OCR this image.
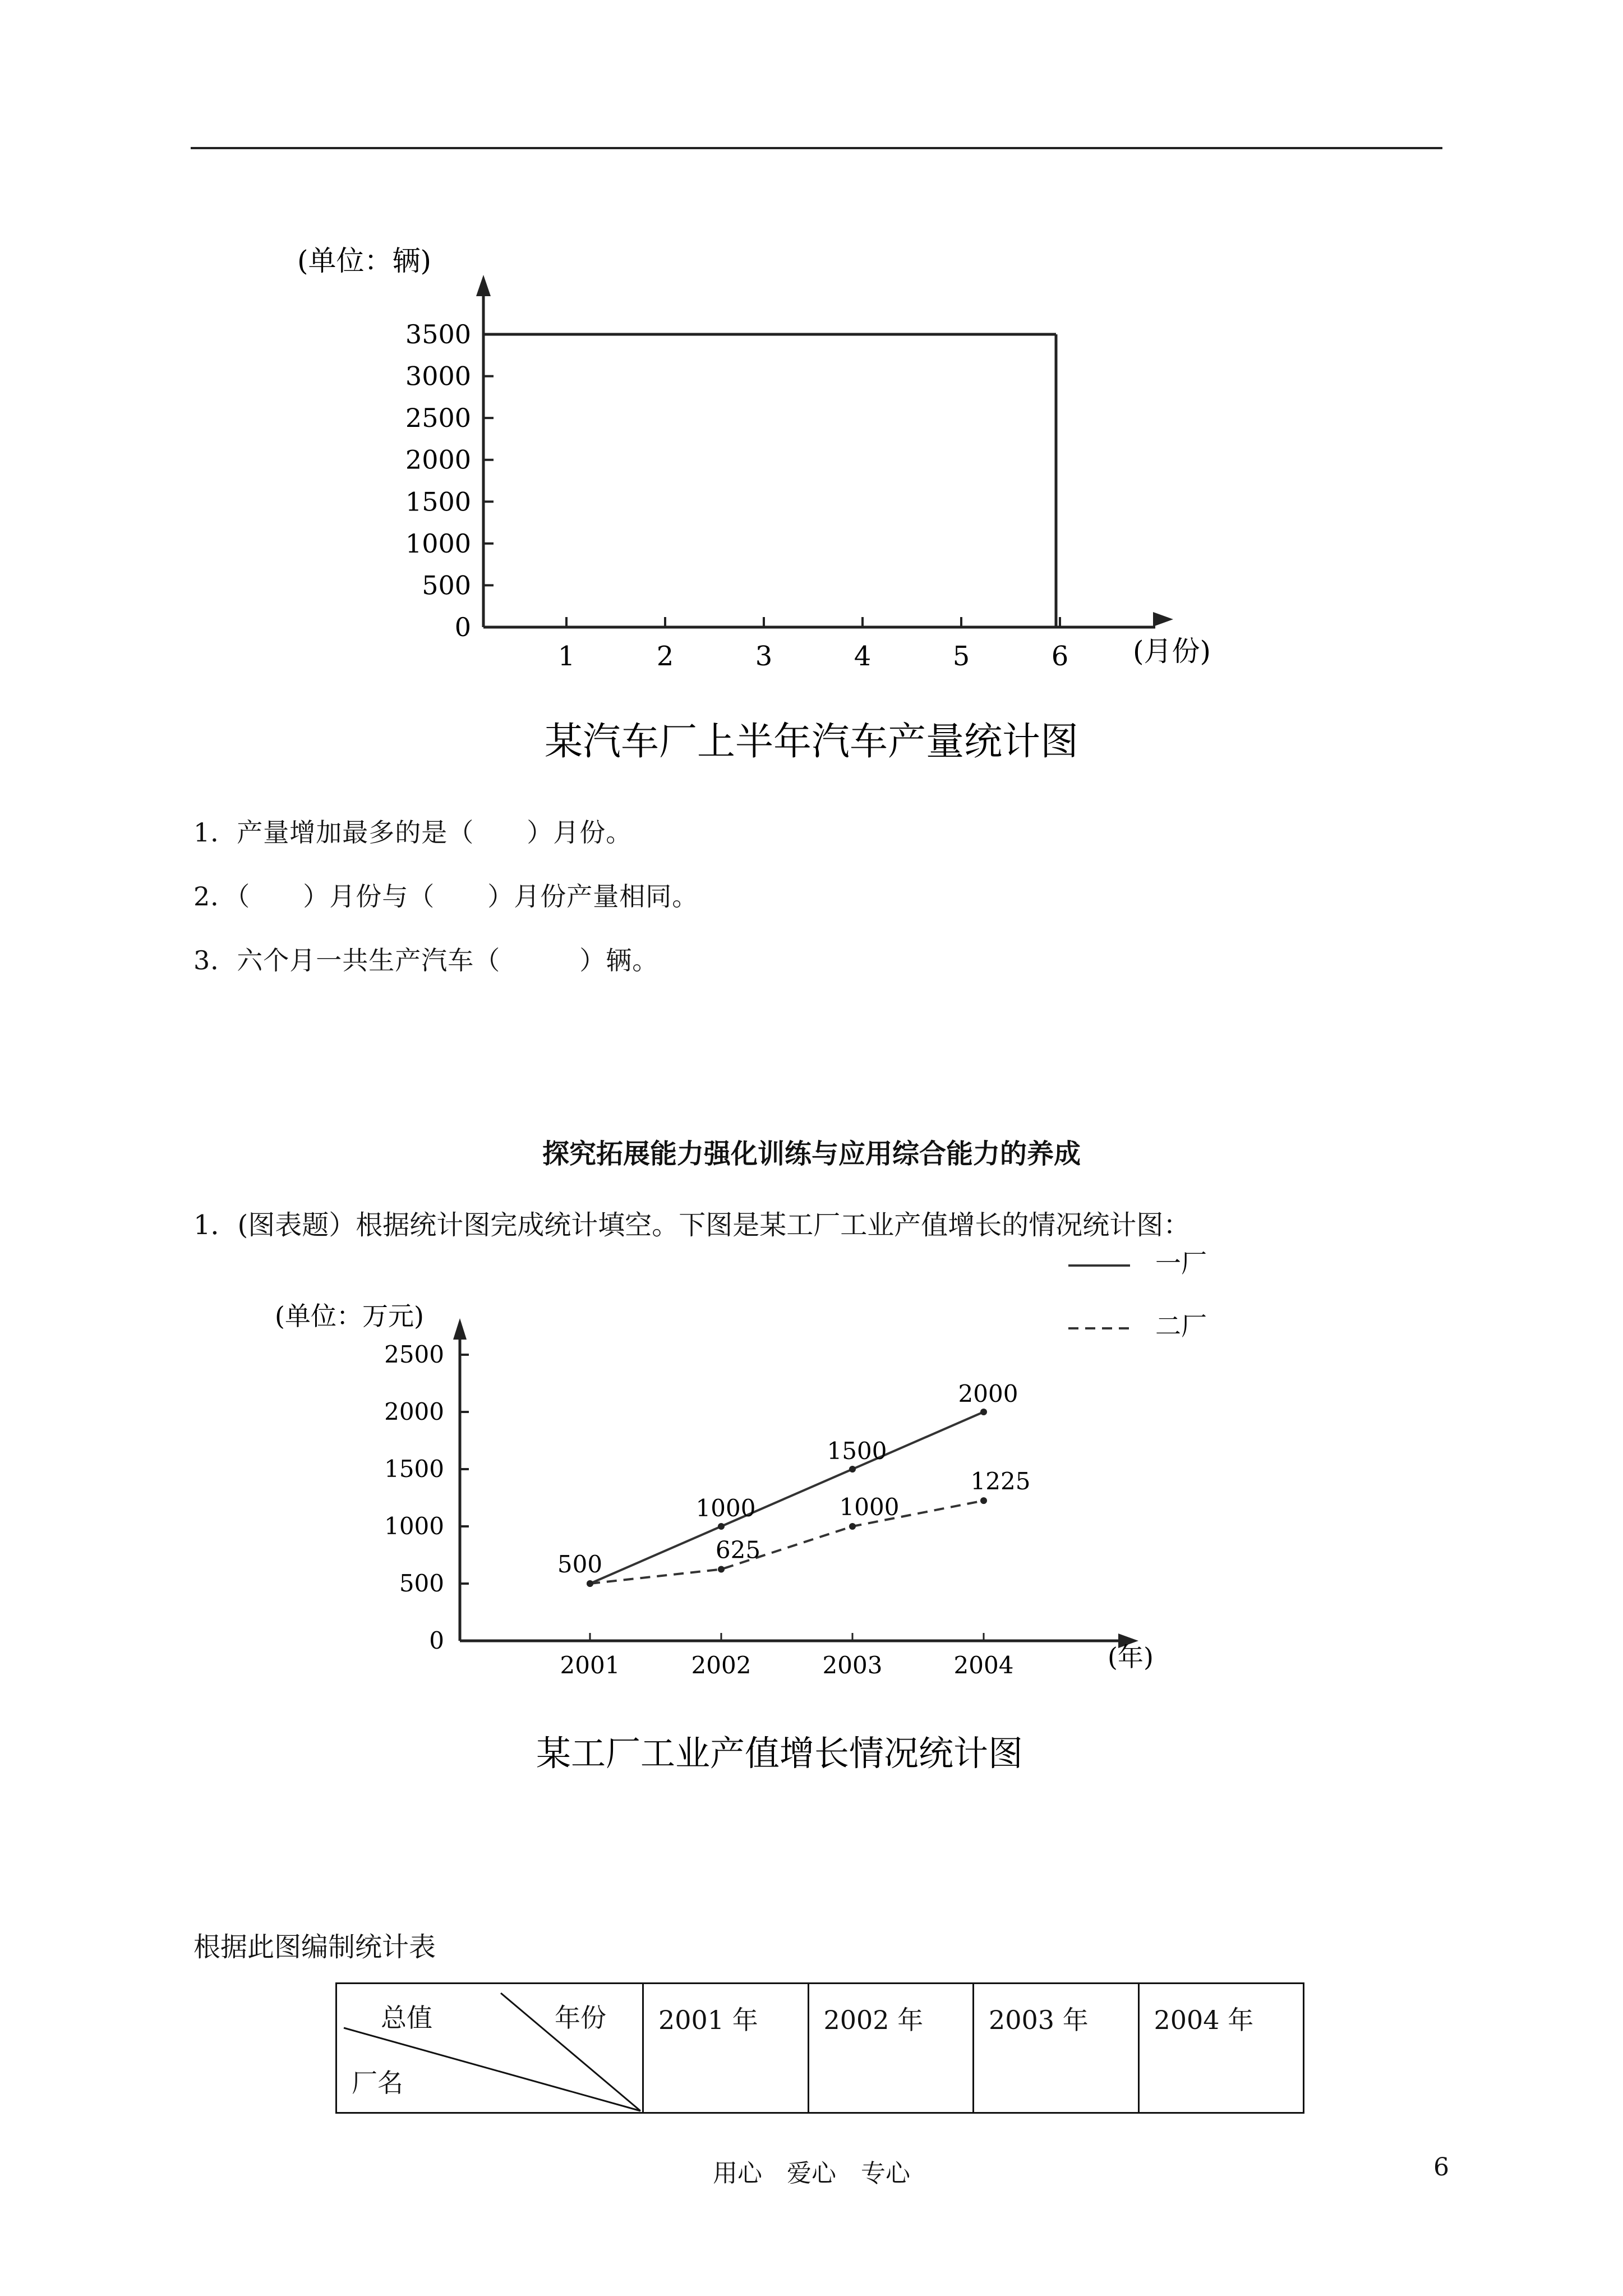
(单位：辆)
0
500
1000
1500
2000
2500
3000
3500
1	2	3	4	5	6 (月份)
某汽车厂上半年汽车产量统计图
1．产量增加最多的是（　　）月份。
2．（　　）月份与（　　）月份产量相同。
3．六个月一共生产汽车（　　　）辆。
探究拓展能力强化训练与应用综合能力的养成
1．(图表题）根据统计图完成统计填空。下图是某工厂工业产值增长的情况统计图：
一厂
二厂
(单位：万元)
0
500
1000
1500
2000
2500
2001	2002	2003	2004
500
1000
1500
2000
625
1000
1225
(年)
某工厂工业产值增长情况统计图
根据此图编制统计表
总值	年份
厂名
	2001 年	2002 年	2003 年	2004 年
用心　爱心　专心	6
